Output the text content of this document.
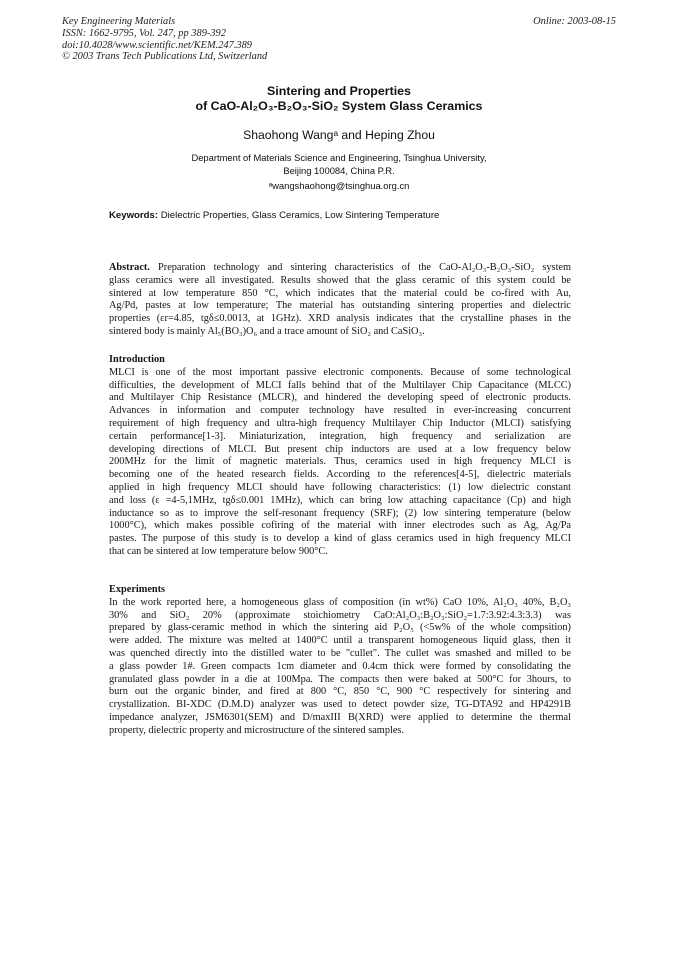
Key Engineering Materials
ISSN: 1662-9795, Vol. 247, pp 389-392
doi:10.4028/www.scientific.net/KEM.247.389
© 2003 Trans Tech Publications Ltd, Switzerland
Online: 2003-08-15
Sintering and Properties
of CaO-Al₂O₃-B₂O₃-SiO₂ System Glass Ceramics
Shaohong Wangᵃ and Heping Zhou
Department of Materials Science and Engineering, Tsinghua University,
Beijing 100084, China P.R.
ᵃwangshaohong@tsinghua.org.cn
Keywords: Dielectric Properties, Glass Ceramics, Low Sintering Temperature
Abstract. Preparation technology and sintering characteristics of the CaO-Al₂O₃-B₂O₃-SiO₂ system
glass ceramics were all investigated. Results showed that the glass ceramic of this system could be
sintered at low temperature 850 °C, which indicates that the material could be co-fired with Au,
Ag/Pd, pastes at low temperature; The material has outstanding sintering properties and dielectric
properties (εr=4.85, tgδ≤0.0013, at 1GHz). XRD analysis indicates that the crystalline phases in the
sintered body is mainly Al₅(BO₃)O₆ and a trace amount of SiO₂ and CaSiO₃.
Introduction
MLCI is one of the most important passive electronic components. Because of some technological
difficulties, the development of MLCI falls behind that of the Multilayer Chip Capacitance (MLCC)
and Multilayer Chip Resistance (MLCR), and hindered the developing speed of electronic products.
Advances in information and computer technology have resulted in ever-increasing concurrent
requirement of high frequency and ultra-high frequency Multilayer Chip Inductor (MLCI) satisfying
certain performance[1-3]. Miniaturization, integration, high frequency and serialization are
developing directions of MLCI. But present chip inductors are used at a low frequency below
200MHz for the limit of magnetic materials. Thus, ceramics used in high frequency MLCI is
becoming one of the heated research fields. According to the references[4-5], dielectric materials
applied in high frequency MLCI should have following characteristics: (1) low dielectric constant
and loss (ε =4-5,1MHz, tgδ≤0.001 1MHz), which can bring low attaching capacitance (Cp) and high
inductance so as to improve the self-resonant frequency (SRF); (2) low sintering temperature (below
1000°C), which makes possible cofiring of the material with inner electrodes such as Ag, Ag/Pa
pastes. The purpose of this study is to develop a kind of glass ceramics used in high frequency MLCI
that can be sintered at low temperature below 900°C.
Experiments
In the work reported here, a homogeneous glass of composition (in wt%) CaO 10%, Al₂O₃ 40%, B₂O₃
30% and SiO₂ 20% (approximate stoichiometry CaO:Al₂O₃:B₂O₃:SiO₂=1.7:3.92:4.3:3.3) was
prepared by glass-ceramic method in which the sintering aid P₂O₅ (<5w% of the whole compsition)
were added. The mixture was melted at 1400°C until a transparent homogeneous liquid glass, then it
was quenched directly into the distilled water to be "cullet". The cullet was smashed and milled to be
a glass powder 1#. Green compacts 1cm diameter and 0.4cm thick were formed by consolidating the
granulated glass powder in a die at 100Mpa. The compacts then were baked at 500°C for 3hours, to
burn out the organic binder, and fired at 800 °C, 850 °C, 900 °C respectively for sintering and
crystallization. BI-XDC (D.M.D) analyzer was used to detect powder size, TG-DTA92 and HP4291B
impedance analyzer, JSM6301(SEM) and D/maxIII B(XRD) were applied to determine the thermal
property, dielectric property and microstructure of the sintered samples.
